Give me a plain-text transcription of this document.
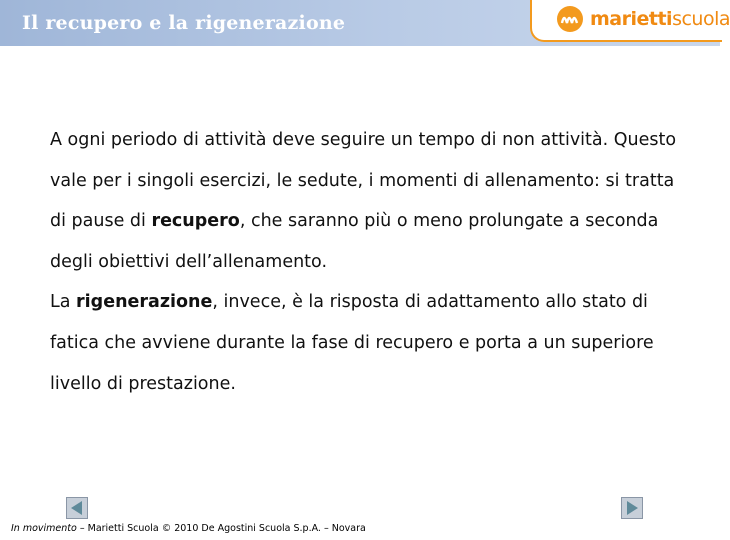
Il recupero e la rigenerazione	mariettiscuola

A ogni periodo di attività deve seguire un tempo di non attività. Questo vale per i singoli esercizi, le sedute, i momenti di allenamento: si tratta di pause di recupero, che saranno più o meno prolungate a seconda degli obiettivi dell’allenamento.

La rigenerazione, invece, è la risposta di adattamento allo stato di fatica che avviene durante la fase di recupero e porta a un superiore livello di prestazione.

In movimento – Marietti Scuola © 2010 De Agostini Scuola S.p.A. – Novara
